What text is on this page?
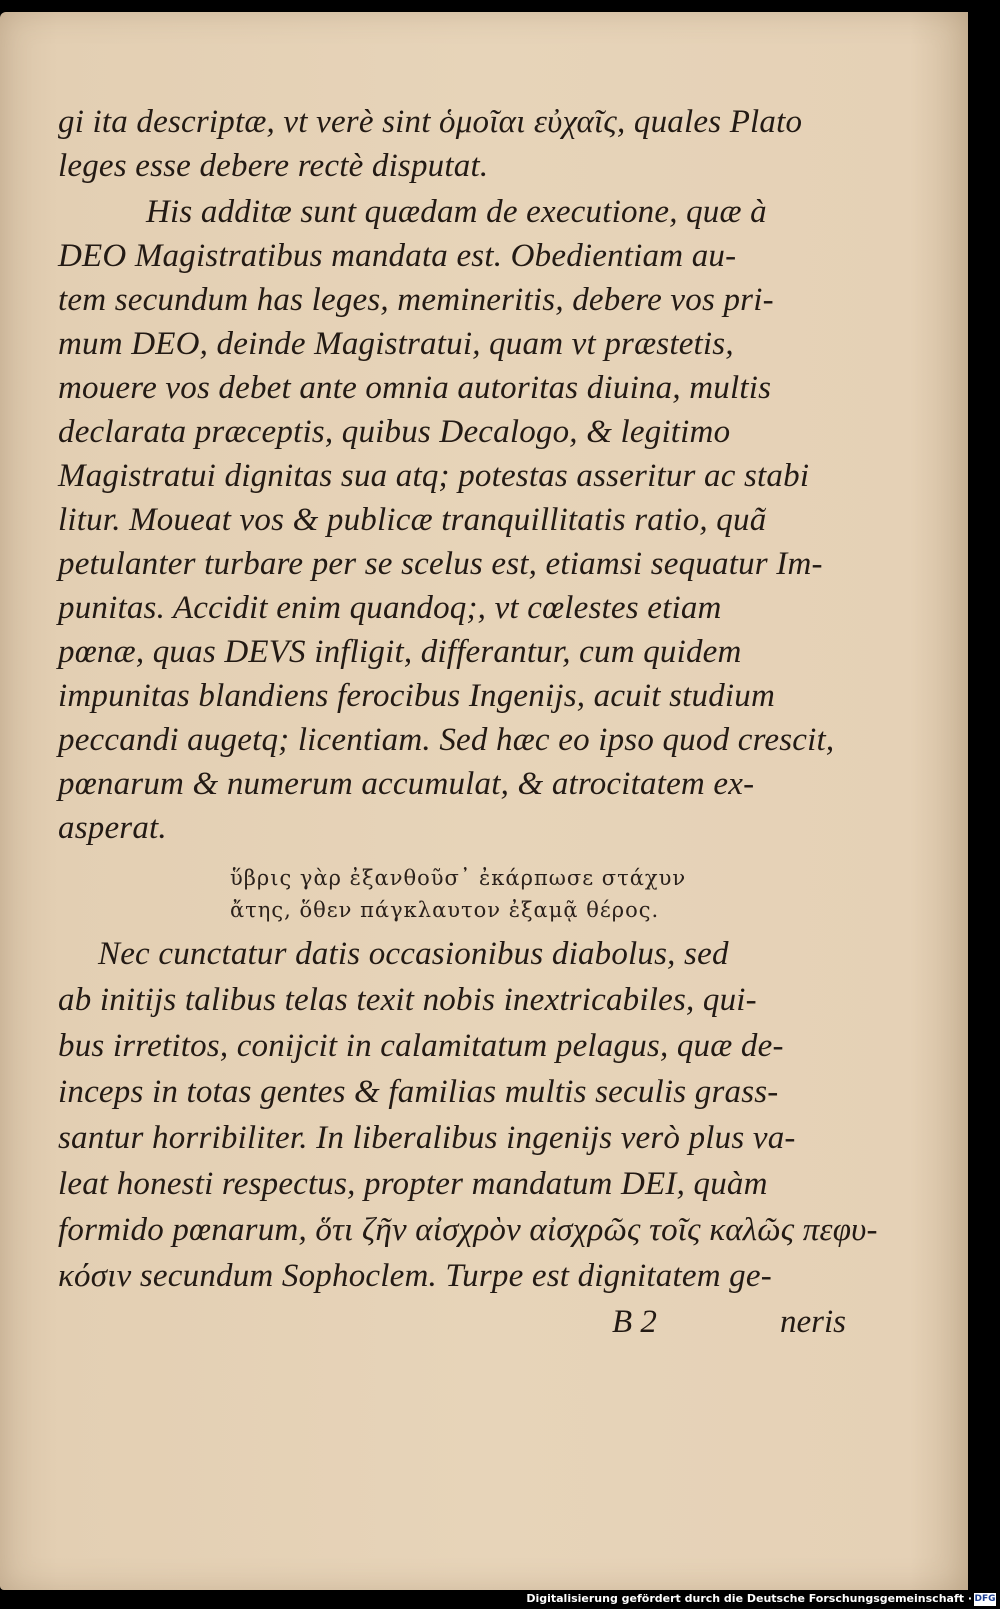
gi ita descriptæ, vt verè sint ὁμοῖαι εὐχαῖς, quales Plato
leges esse debere rectè disputat.
His additæ sunt quædam de executione, quæ à
DEO Magistratibus mandata est. Obedientiam au-
tem secundum has leges, memineritis, debere vos pri-
mum DEO, deinde Magistratui, quam vt præstetis,
mouere vos debet ante omnia autoritas diuina, multis
declarata præceptis, quibus Decalogo, & legitimo
Magistratui dignitas sua atq; potestas asseritur ac stabi
litur. Moueat vos & publicæ tranquillitatis ratio, quã
petulanter turbare per se scelus est, etiamsi sequatur Im-
punitas. Accidit enim quandoq;, vt cœlestes etiam
pœnæ, quas DEVS infligit, differantur, cum quidem
impunitas blandiens ferocibus Ingenijs, acuit studium
peccandi augetq; licentiam. Sed hæc eo ipso quod crescit,
pœnarum & numerum accumulat, & atrocitatem ex-
asperat.
ὕβρις γὰρ ἐξανθοῦσ᾽ ἐκάρπωσε στάχυν
ἄτης, ὅθεν πάγκλαυτον ἐξαμᾷ θέρος.
Nec cunctatur datis occasionibus diabolus, sed
ab initijs talibus telas texit nobis inextricabiles, qui-
bus irretitos, conijcit in calamitatum pelagus, quæ de-
inceps in totas gentes & familias multis seculis grass-
santur horribiliter. In liberalibus ingenijs verò plus va-
leat honesti respectus, propter mandatum DEI, quàm
formido pœnarum, ὅτι ζῆν αἰσχρὸν αἰσχρῶς τοῖς καλῶς πεφυ-
κόσιν secundum Sophoclem. Turpe est dignitatem ge-
B 2	neris
Digitalisierung gefördert durch die Deutsche Forschungsgemeinschaft · DFG
